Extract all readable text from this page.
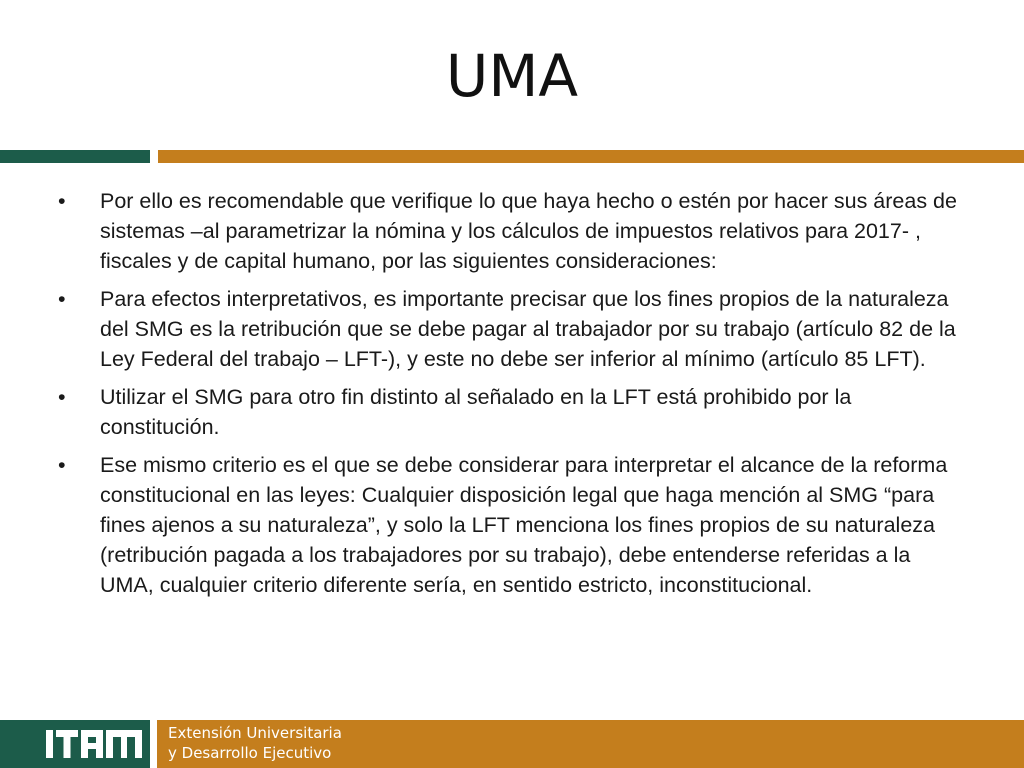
UMA
•	Por ello es recomendable que verifique lo que haya hecho o estén por hacer sus áreas de sistemas –al parametrizar la nómina y los cálculos de impuestos relativos para 2017- , fiscales y de capital humano, por las siguientes consideraciones:
•	Para efectos interpretativos, es importante precisar que los fines propios de la naturaleza del SMG es la retribución que se debe pagar al trabajador por su trabajo (artículo 82 de la Ley Federal del trabajo – LFT-), y este no debe ser inferior al mínimo (artículo 85 LFT).
•	Utilizar el SMG para otro fin distinto al señalado en la LFT está prohibido por la constitución.
•	Ese mismo criterio es el que se debe considerar para interpretar el alcance de la reforma constitucional en las leyes: Cualquier disposición legal que haga mención al SMG “para fines ajenos a su naturaleza”, y solo la LFT menciona los fines propios de su naturaleza (retribución pagada a los trabajadores por su trabajo), debe entenderse referidas a la UMA, cualquier criterio diferente sería, en sentido estricto, inconstitucional.
Extensión Universitaria
y Desarrollo Ejecutivo
